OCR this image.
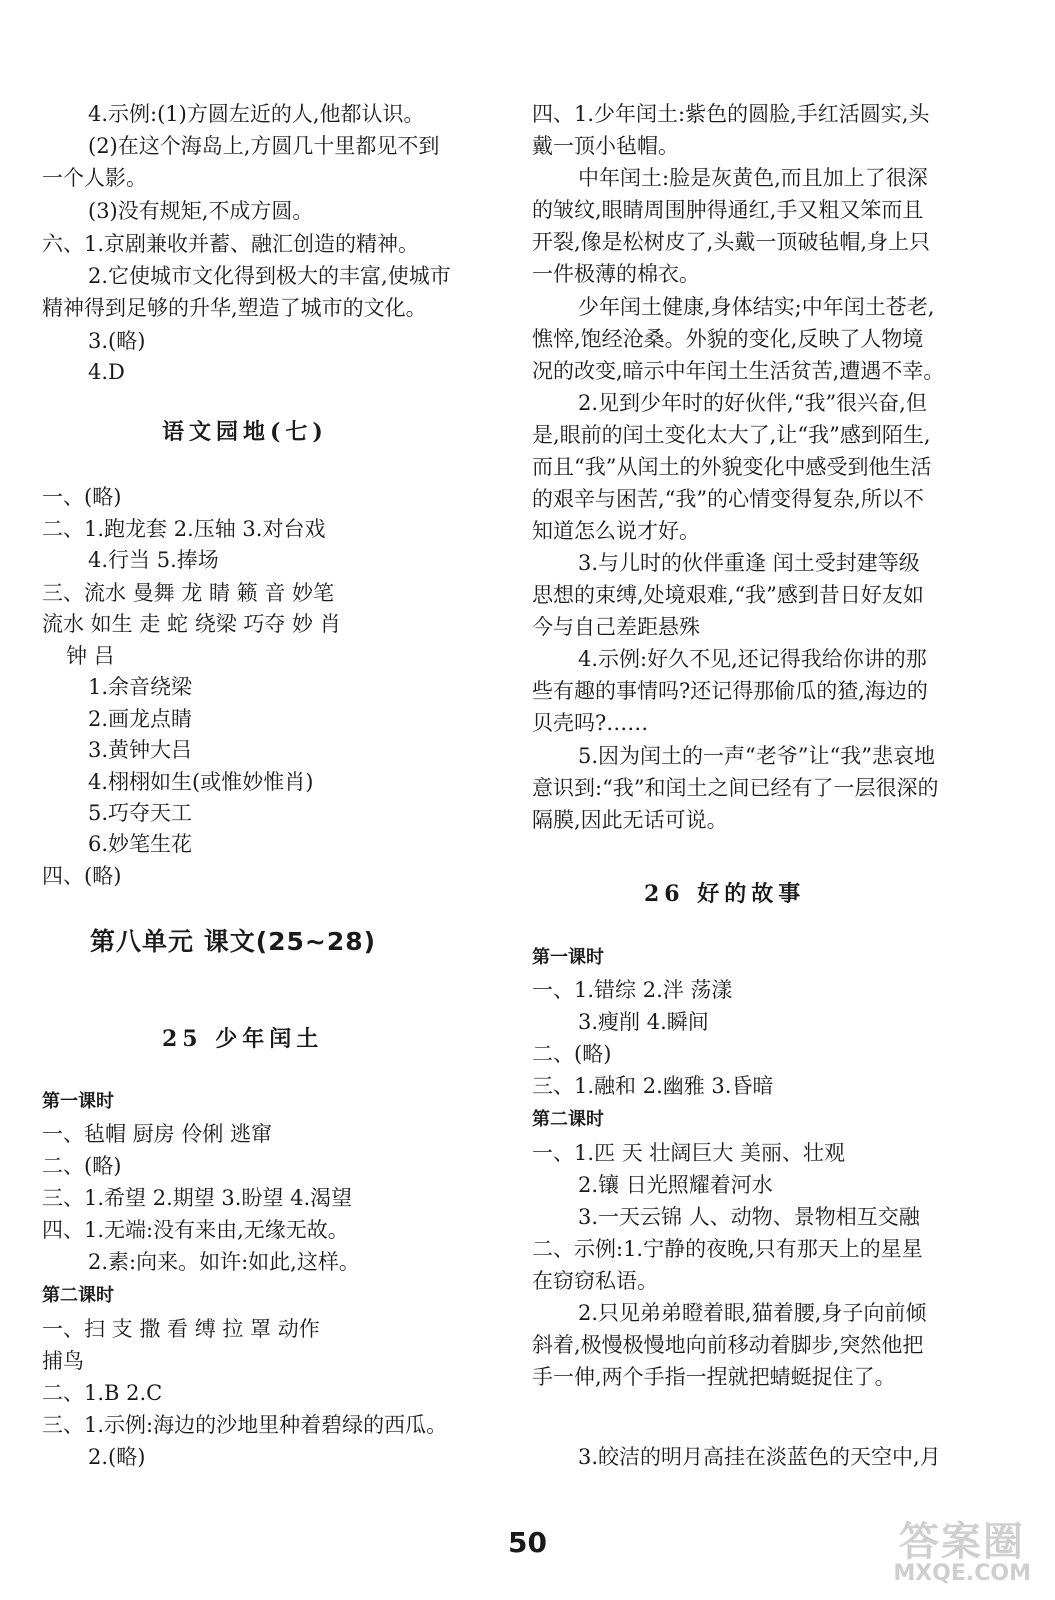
4.示例:(1)方圆左近的人,他都认识。
(2)在这个海岛上,方圆几十里都见不到
一个人影。
(3)没有规矩,不成方圆。
六、1.京剧兼收并蓄、融汇创造的精神。
2.它使城市文化得到极大的丰富,使城市
精神得到足够的升华,塑造了城市的文化。
3.(略)
4.D
语文园地(七)
一、(略)
二、1.跑龙套 2.压轴 3.对台戏
4.行当 5.捧场
三、流水 曼舞 龙 睛 籁 音 妙笔
流水 如生 走 蛇 绕梁 巧夺 妙 肖
钟 吕
1.余音绕梁
2.画龙点睛
3.黄钟大吕
4.栩栩如生(或惟妙惟肖)
5.巧夺天工
6.妙笔生花
四、(略)
第八单元 课文(25~28)
25 少年闰土
第一课时
一、毡帽 厨房 伶俐 逃窜
二、(略)
三、1.希望 2.期望 3.盼望 4.渴望
四、1.无端:没有来由,无缘无故。
2.素:向来。如许:如此,这样。
第二课时
一、扫 支 撒 看 缚 拉 罩 动作
捕鸟
二、1.B 2.C
三、1.示例:海边的沙地里种着碧绿的西瓜。
2.(略)
四、1.少年闰土:紫色的圆脸,手红活圆实,头
戴一顶小毡帽。
中年闰土:脸是灰黄色,而且加上了很深
的皱纹,眼睛周围肿得通红,手又粗又笨而且
开裂,像是松树皮了,头戴一顶破毡帽,身上只
一件极薄的棉衣。
少年闰土健康,身体结实;中年闰土苍老,
憔悴,饱经沧桑。外貌的变化,反映了人物境
况的改变,暗示中年闰土生活贫苦,遭遇不幸。
2.见到少年时的好伙伴,“我”很兴奋,但
是,眼前的闰土变化太大了,让“我”感到陌生,
而且“我”从闰土的外貌变化中感受到他生活
的艰辛与困苦,“我”的心情变得复杂,所以不
知道怎么说才好。
3.与儿时的伙伴重逢 闰土受封建等级
思想的束缚,处境艰难,“我”感到昔日好友如
今与自己差距悬殊
4.示例:好久不见,还记得我给你讲的那
些有趣的事情吗?还记得那偷瓜的猹,海边的
贝壳吗?……
5.因为闰土的一声“老爷”让“我”悲哀地
意识到:“我”和闰土之间已经有了一层很深的
隔膜,因此无话可说。
26 好的故事
第一课时
一、1.错综 2.泮 荡漾
3.瘦削 4.瞬间
二、(略)
三、1.融和 2.幽雅 3.昏暗
第二课时
一、1.匹 天 壮阔巨大 美丽、壮观
2.镶 日光照耀着河水
3.一天云锦 人、动物、景物相互交融
二、示例:1.宁静的夜晚,只有那天上的星星
在窃窃私语。
2.只见弟弟瞪着眼,猫着腰,身子向前倾
斜着,极慢极慢地向前移动着脚步,突然他把
手一伸,两个手指一捏就把蜻蜓捉住了。
3.皎洁的明月高挂在淡蓝色的天空中,月
50	答案圈
MXQE.COM
